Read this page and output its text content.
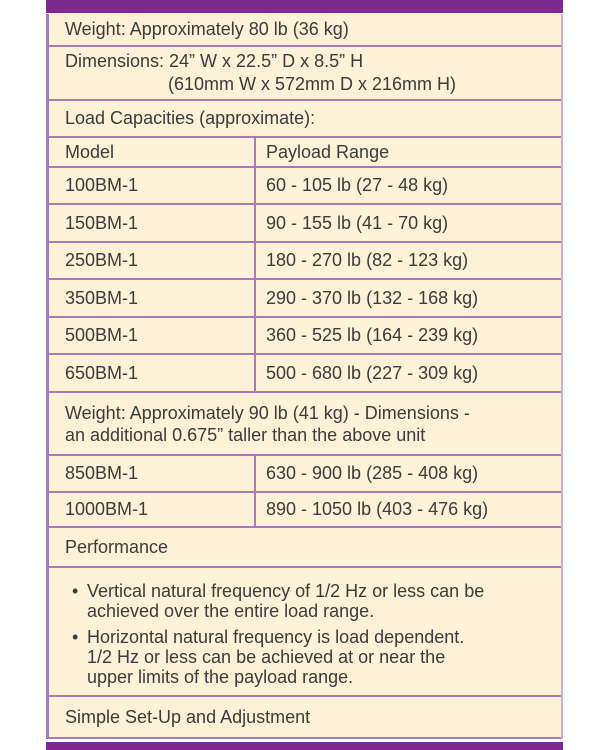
Weight: Approximately 80 lb (36 kg)
Dimensions: 24” W x 22.5” D x 8.5” H
(610mm W x 572mm D x 216mm H)
Load Capacities (approximate):
Model	Payload Range
100BM-1	60 - 105 lb (27 - 48 kg)
150BM-1	90 - 155 lb (41 - 70 kg)
250BM-1	180 - 270 lb (82 - 123 kg)
350BM-1	290 - 370 lb (132 - 168 kg)
500BM-1	360 - 525 lb (164 - 239 kg)
650BM-1	500 - 680 lb (227 - 309 kg)
Weight: Approximately 90 lb (41 kg) - Dimensions -
an additional 0.675” taller than the above unit
850BM-1	630 - 900 lb (285 - 408 kg)
1000BM-1	890 - 1050 lb (403 - 476 kg)
Performance
• Vertical natural frequency of 1/2 Hz or less can be
achieved over the entire load range.
• Horizontal natural frequency is load dependent.
1/2 Hz or less can be achieved at or near the
upper limits of the payload range.
Simple Set-Up and Adjustment
